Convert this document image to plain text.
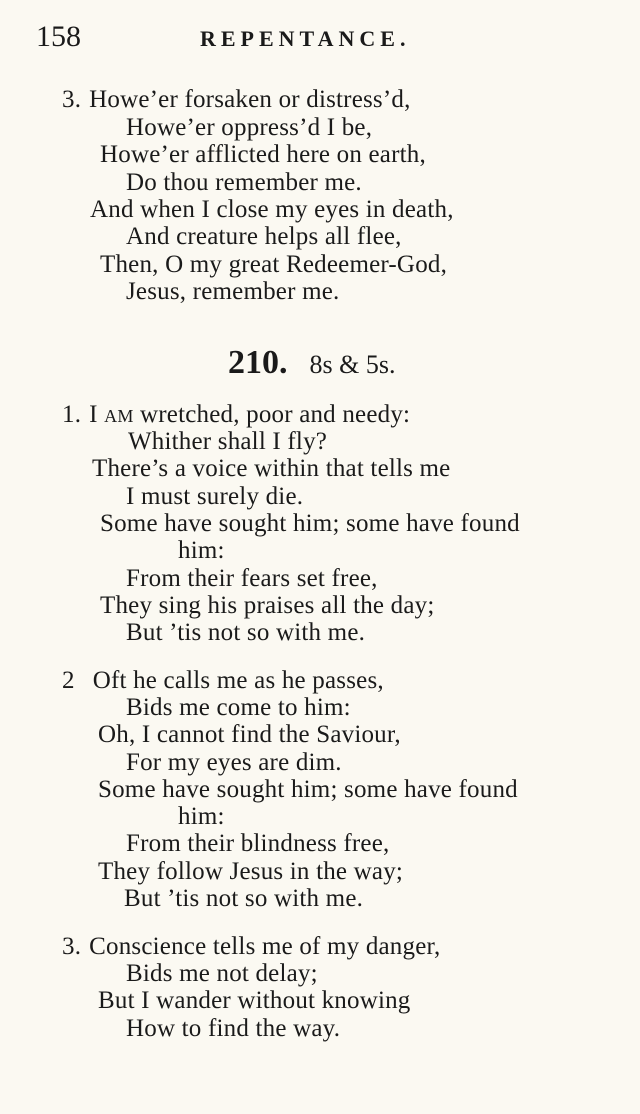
158	REPENTANCE.
3. Howe’er forsaken or distress’d,
Howe’er oppress’d I be,
Howe’er afflicted here on earth,
Do thou remember me.
And when I close my eyes in death,
And creature helps all flee,
Then, O my great Redeemer-God,
Jesus, remember me.
210. 8s & 5s.
1. I am wretched, poor and needy:
Whither shall I fly?
There’s a voice within that tells me
I must surely die.
Some have sought him; some have found
him:
From their fears set free,
They sing his praises all the day;
But ’tis not so with me.
2 Oft he calls me as he passes,
Bids me come to him:
Oh, I cannot find the Saviour,
For my eyes are dim.
Some have sought him; some have found
him:
From their blindness free,
They follow Jesus in the way;
But ’tis not so with me.
3. Conscience tells me of my danger,
Bids me not delay;
But I wander without knowing
How to find the way.
